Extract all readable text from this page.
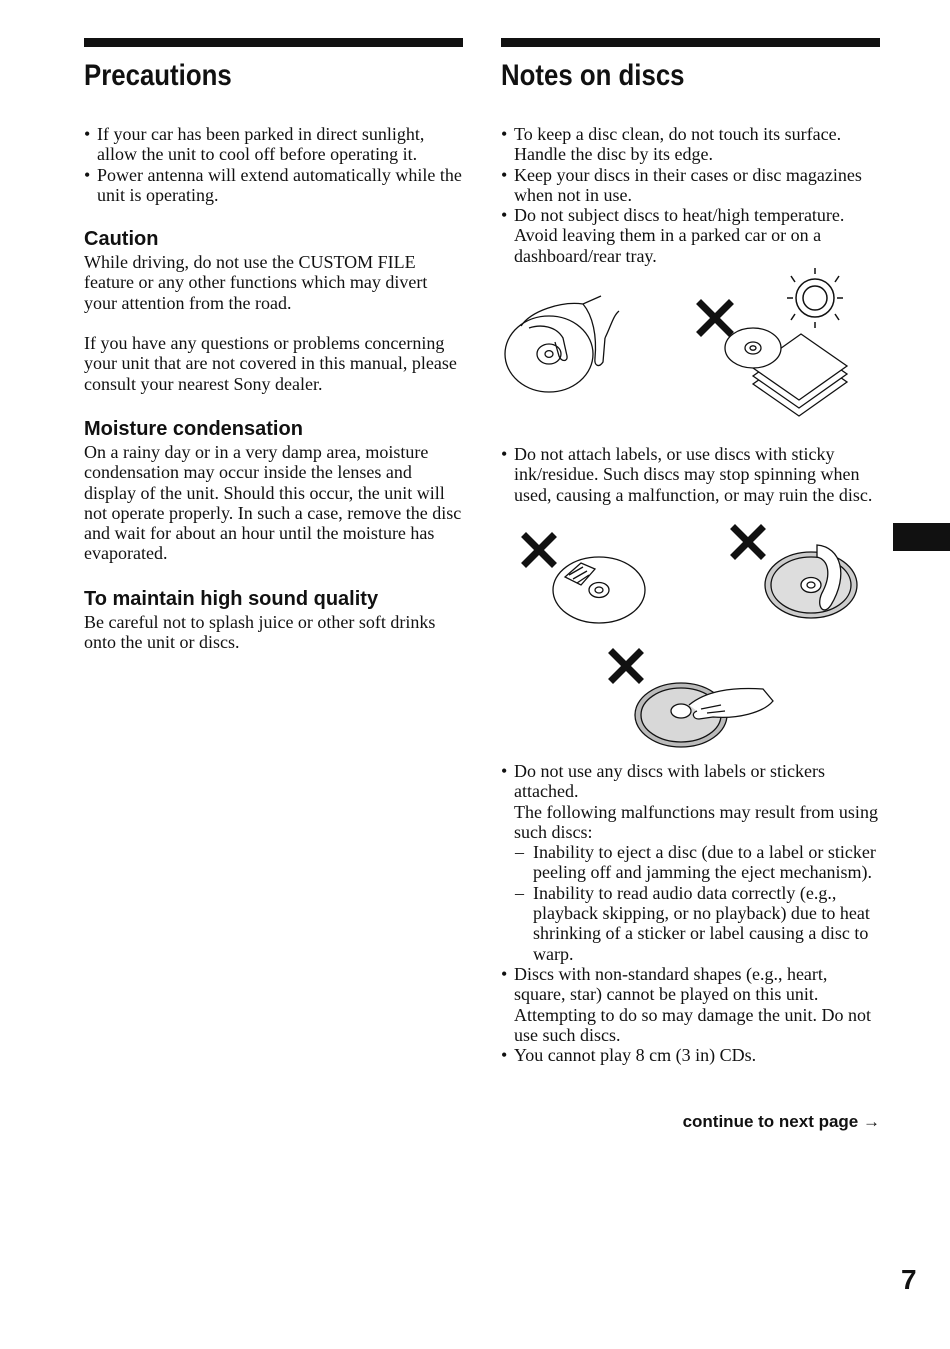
Precautions
• If your car has been parked in direct sunlight, allow the unit to cool off before operating it.
• Power antenna will extend automatically while the unit is operating.
Caution

While driving, do not use the CUSTOM FILE feature or any other functions which may divert your attention from the road.

If you have any questions or problems concerning your unit that are not covered in this manual, please consult your nearest Sony dealer.

Moisture condensation

On a rainy day or in a very damp area, moisture condensation may occur inside the lenses and display of the unit. Should this occur, the unit will not operate properly. In such a case, remove the disc and wait for about an hour until the moisture has evaporated.

To maintain high sound quality

Be careful not to splash juice or other soft drinks onto the unit or discs.

Notes on discs
• To keep a disc clean, do not touch its surface. Handle the disc by its edge.
• Keep your discs in their cases or disc magazines when not in use.
• Do not subject discs to heat/high temperature. Avoid leaving them in a parked car or on a dashboard/rear tray.
• Do not attach labels, or use discs with sticky ink/residue. Such discs may stop spinning when used, causing a malfunction, or may ruin the disc.
• Do not use any discs with labels or stickers attached.
The following malfunctions may result from using such discs:
– Inability to eject a disc (due to a label or sticker peeling off and jamming the eject mechanism).
– Inability to read audio data correctly (e.g., playback skipping, or no playback) due to heat shrinking of a sticker or label causing a disc to warp.
• Discs with non-standard shapes (e.g., heart, square, star) cannot be played on this unit. Attempting to do so may damage the unit. Do not use such discs.
• You cannot play 8 cm (3 in) CDs.
continue to next page →
7
